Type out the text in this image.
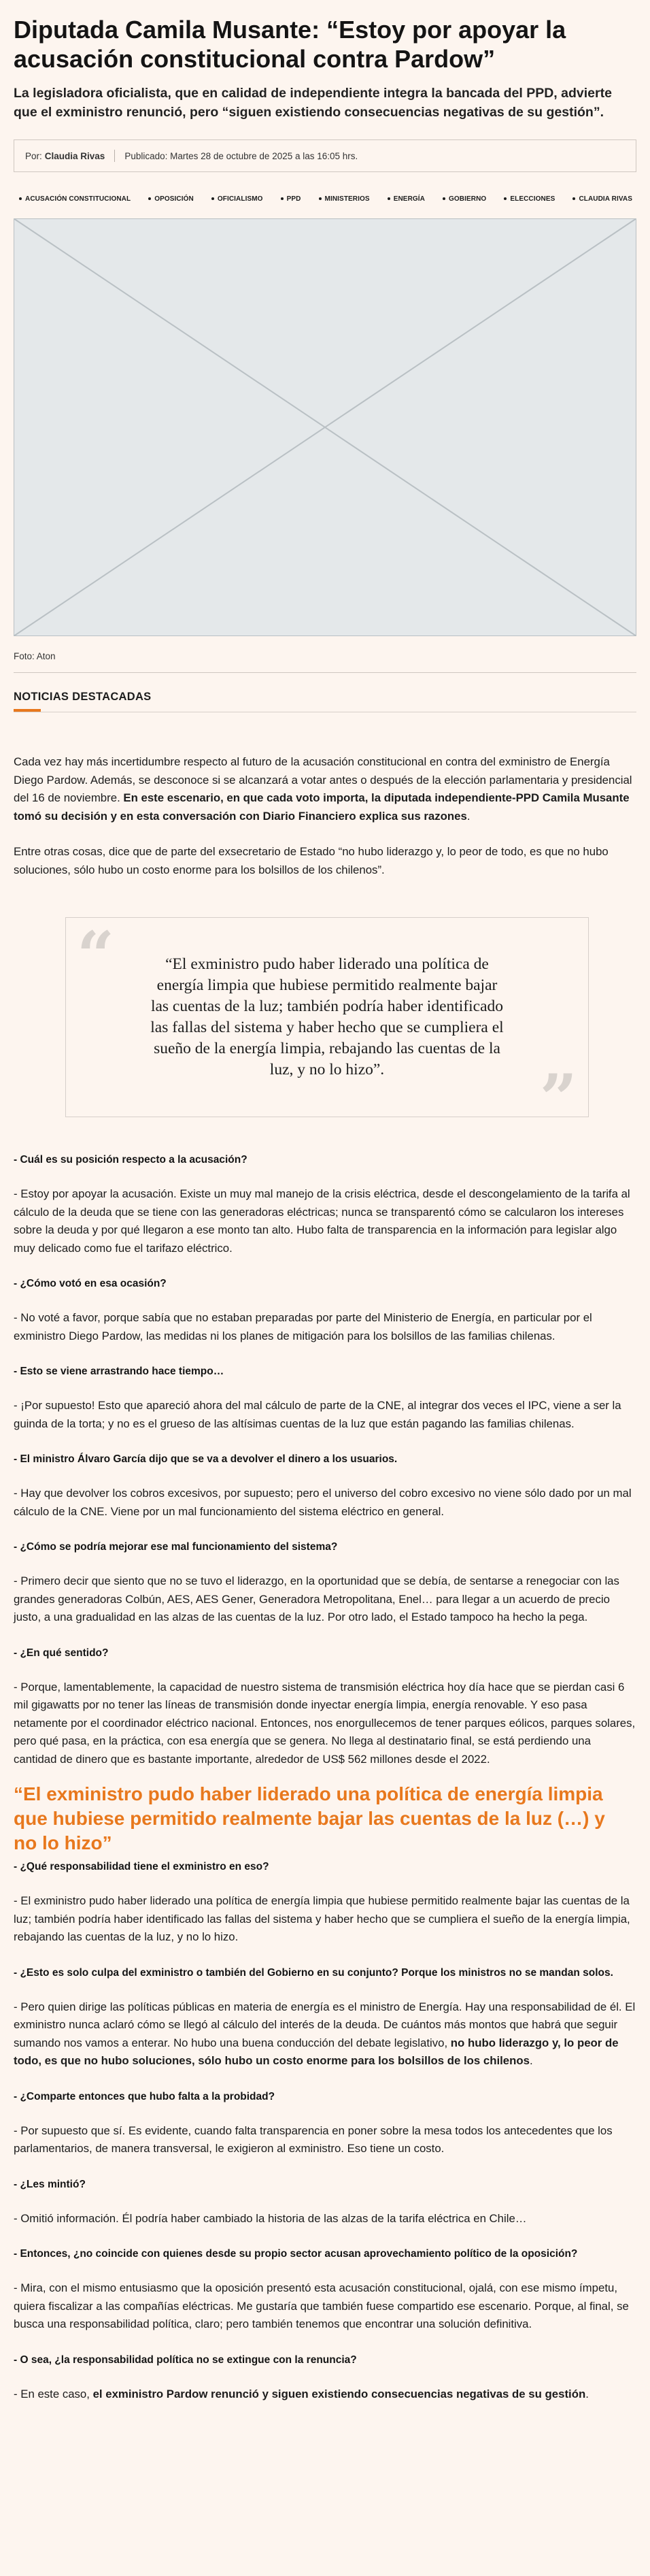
Diputada Camila Musante: “Estoy por apoyar la acusación constitucional contra Pardow”

La legisladora oficialista, que en calidad de independiente integra la bancada del PPD, advierte que el exministro renunció, pero “siguen existiendo consecuencias negativas de su gestión”.

Por: Claudia Rivas Publicado: Martes 28 de octubre de 2025 a las 16:05 hrs.
ACUSACIÓN CONSTITUCIONAL	OPOSICIÓN	OFICIALISMO	PPD	MINISTERIOS	ENERGÍA	GOBIERNO	ELECCIONES	CLAUDIA RIVAS

Foto: Aton

NOTICIAS DESTACADAS

Cada vez hay más incertidumbre respecto al futuro de la acusación constitucional en contra del exministro de Energía Diego Pardow. Además, se desconoce si se alcanzará a votar antes o después de la elección parlamentaria y presidencial del 16 de noviembre. En este escenario, en que cada voto importa, la diputada independiente-PPD Camila Musante tomó su decisión y en esta conversación con Diario Financiero explica sus razones.

Entre otras cosas, dice que de parte del exsecretario de Estado “no hubo liderazgo y, lo peor de todo, es que no hubo soluciones, sólo hubo un costo enorme para los bolsillos de los chilenos”.

“	“El exministro pudo haber liderado una política de energía limpia que hubiese permitido realmente bajar las cuentas de la luz; también podría haber identificado las fallas del sistema y haber hecho que se cumpliera el sueño de la energía limpia, rebajando las cuentas de la luz, y no lo hizo”.	”

- Cuál es su posición respecto a la acusación?

- Estoy por apoyar la acusación. Existe un muy mal manejo de la crisis eléctrica, desde el descongelamiento de la tarifa al cálculo de la deuda que se tiene con las generadoras eléctricas; nunca se transparentó cómo se calcularon los intereses sobre la deuda y por qué llegaron a ese monto tan alto. Hubo falta de transparencia en la información para legislar algo muy delicado como fue el tarifazo eléctrico.

- ¿Cómo votó en esa ocasión?

- No voté a favor, porque sabía que no estaban preparadas por parte del Ministerio de Energía, en particular por el exministro Diego Pardow, las medidas ni los planes de mitigación para los bolsillos de las familias chilenas.

- Esto se viene arrastrando hace tiempo…

- ¡Por supuesto! Esto que apareció ahora del mal cálculo de parte de la CNE, al integrar dos veces el IPC, viene a ser la guinda de la torta; y no es el grueso de las altísimas cuentas de la luz que están pagando las familias chilenas.

- El ministro Álvaro García dijo que se va a devolver el dinero a los usuarios.

- Hay que devolver los cobros excesivos, por supuesto; pero el universo del cobro excesivo no viene sólo dado por un mal cálculo de la CNE. Viene por un mal funcionamiento del sistema eléctrico en general.

- ¿Cómo se podría mejorar ese mal funcionamiento del sistema?

- Primero decir que siento que no se tuvo el liderazgo, en la oportunidad que se debía, de sentarse a renegociar con las grandes generadoras Colbún, AES, AES Gener, Generadora Metropolitana, Enel… para llegar a un acuerdo de precio justo, a una gradualidad en las alzas de las cuentas de la luz. Por otro lado, el Estado tampoco ha hecho la pega.

- ¿En qué sentido?

- Porque, lamentablemente, la capacidad de nuestro sistema de transmisión eléctrica hoy día hace que se pierdan casi 6 mil gigawatts por no tener las líneas de transmisión donde inyectar energía limpia, energía renovable. Y eso pasa netamente por el coordinador eléctrico nacional. Entonces, nos enorgullecemos de tener parques eólicos, parques solares, pero qué pasa, en la práctica, con esa energía que se genera. No llega al destinatario final, se está perdiendo una cantidad de dinero que es bastante importante, alrededor de US$ 562 millones desde el 2022.

“El exministro pudo haber liderado una política de energía limpia que hubiese permitido realmente bajar las cuentas de la luz (…) y no lo hizo”

- ¿Qué responsabilidad tiene el exministro en eso?

- El exministro pudo haber liderado una política de energía limpia que hubiese permitido realmente bajar las cuentas de la luz; también podría haber identificado las fallas del sistema y haber hecho que se cumpliera el sueño de la energía limpia, rebajando las cuentas de la luz, y no lo hizo.

- ¿Esto es solo culpa del exministro o también del Gobierno en su conjunto? Porque los ministros no se mandan solos.

- Pero quien dirige las políticas públicas en materia de energía es el ministro de Energía. Hay una responsabilidad de él. El exministro nunca aclaró cómo se llegó al cálculo del interés de la deuda. De cuántos más montos que habrá que seguir sumando nos vamos a enterar. No hubo una buena conducción del debate legislativo, no hubo liderazgo y, lo peor de todo, es que no hubo soluciones, sólo hubo un costo enorme para los bolsillos de los chilenos.

- ¿Comparte entonces que hubo falta a la probidad?

- Por supuesto que sí. Es evidente, cuando falta transparencia en poner sobre la mesa todos los antecedentes que los parlamentarios, de manera transversal, le exigieron al exministro. Eso tiene un costo.

- ¿Les mintió?

- Omitió información. Él podría haber cambiado la historia de las alzas de la tarifa eléctrica en Chile…

- Entonces, ¿no coincide con quienes desde su propio sector acusan aprovechamiento político de la oposición?

- Mira, con el mismo entusiasmo que la oposición presentó esta acusación constitucional, ojalá, con ese mismo ímpetu, quiera fiscalizar a las compañías eléctricas. Me gustaría que también fuese compartido ese escenario. Porque, al final, se busca una responsabilidad política, claro; pero también tenemos que encontrar una solución definitiva.

- O sea, ¿la responsabilidad política no se extingue con la renuncia?

- En este caso, el exministro Pardow renunció y siguen existiendo consecuencias negativas de su gestión.
